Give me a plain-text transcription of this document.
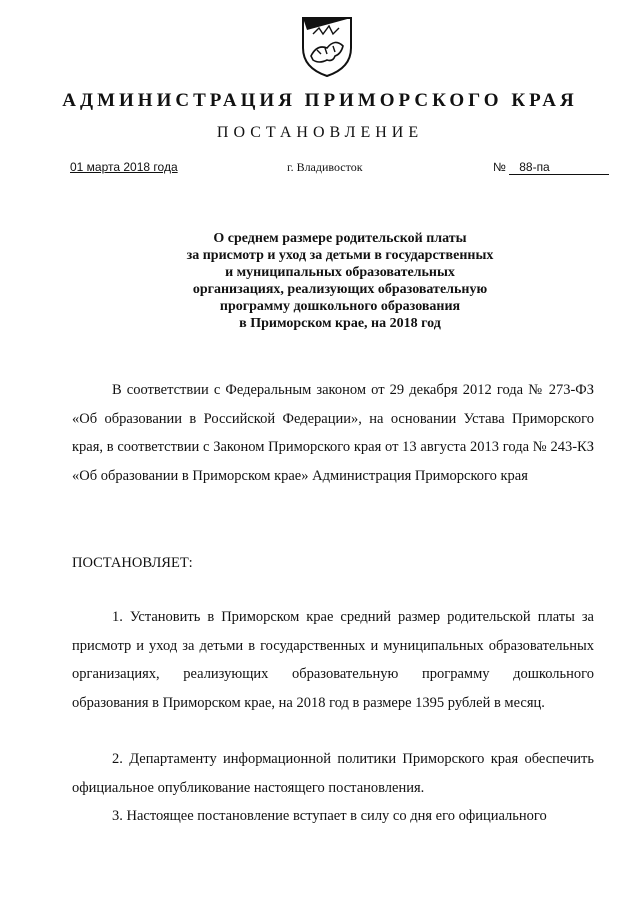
АДМИНИСТРАЦИЯ ПРИМОРСКОГО КРАЯ
ПОСТАНОВЛЕНИЕ
01 марта 2018 года	г. Владивосток	№ 88-па
О среднем размере родительской платы
за присмотр и уход за детьми в государственных
и муниципальных образовательных
организациях, реализующих образовательную
программу дошкольного образования
в Приморском крае, на 2018 год
В соответствии с Федеральным законом от 29 декабря 2012 года № 273-ФЗ «Об образовании в Российской Федерации», на основании Устава Приморского края, в соответствии с Законом Приморского края от 13 августа 2013 года № 243-КЗ «Об образовании в Приморском крае» Администрация Приморского края
ПОСТАНОВЛЯЕТ:
1. Установить в Приморском крае средний размер родительской платы за присмотр и уход за детьми в государственных и муниципальных образовательных организациях, реализующих образовательную программу дошкольного образования в Приморском крае, на 2018 год в размере 1395 рублей в месяц.
2. Департаменту информационной политики Приморского края обеспечить официальное опубликование настоящего постановления.
3. Настоящее постановление вступает в силу со дня его официального
